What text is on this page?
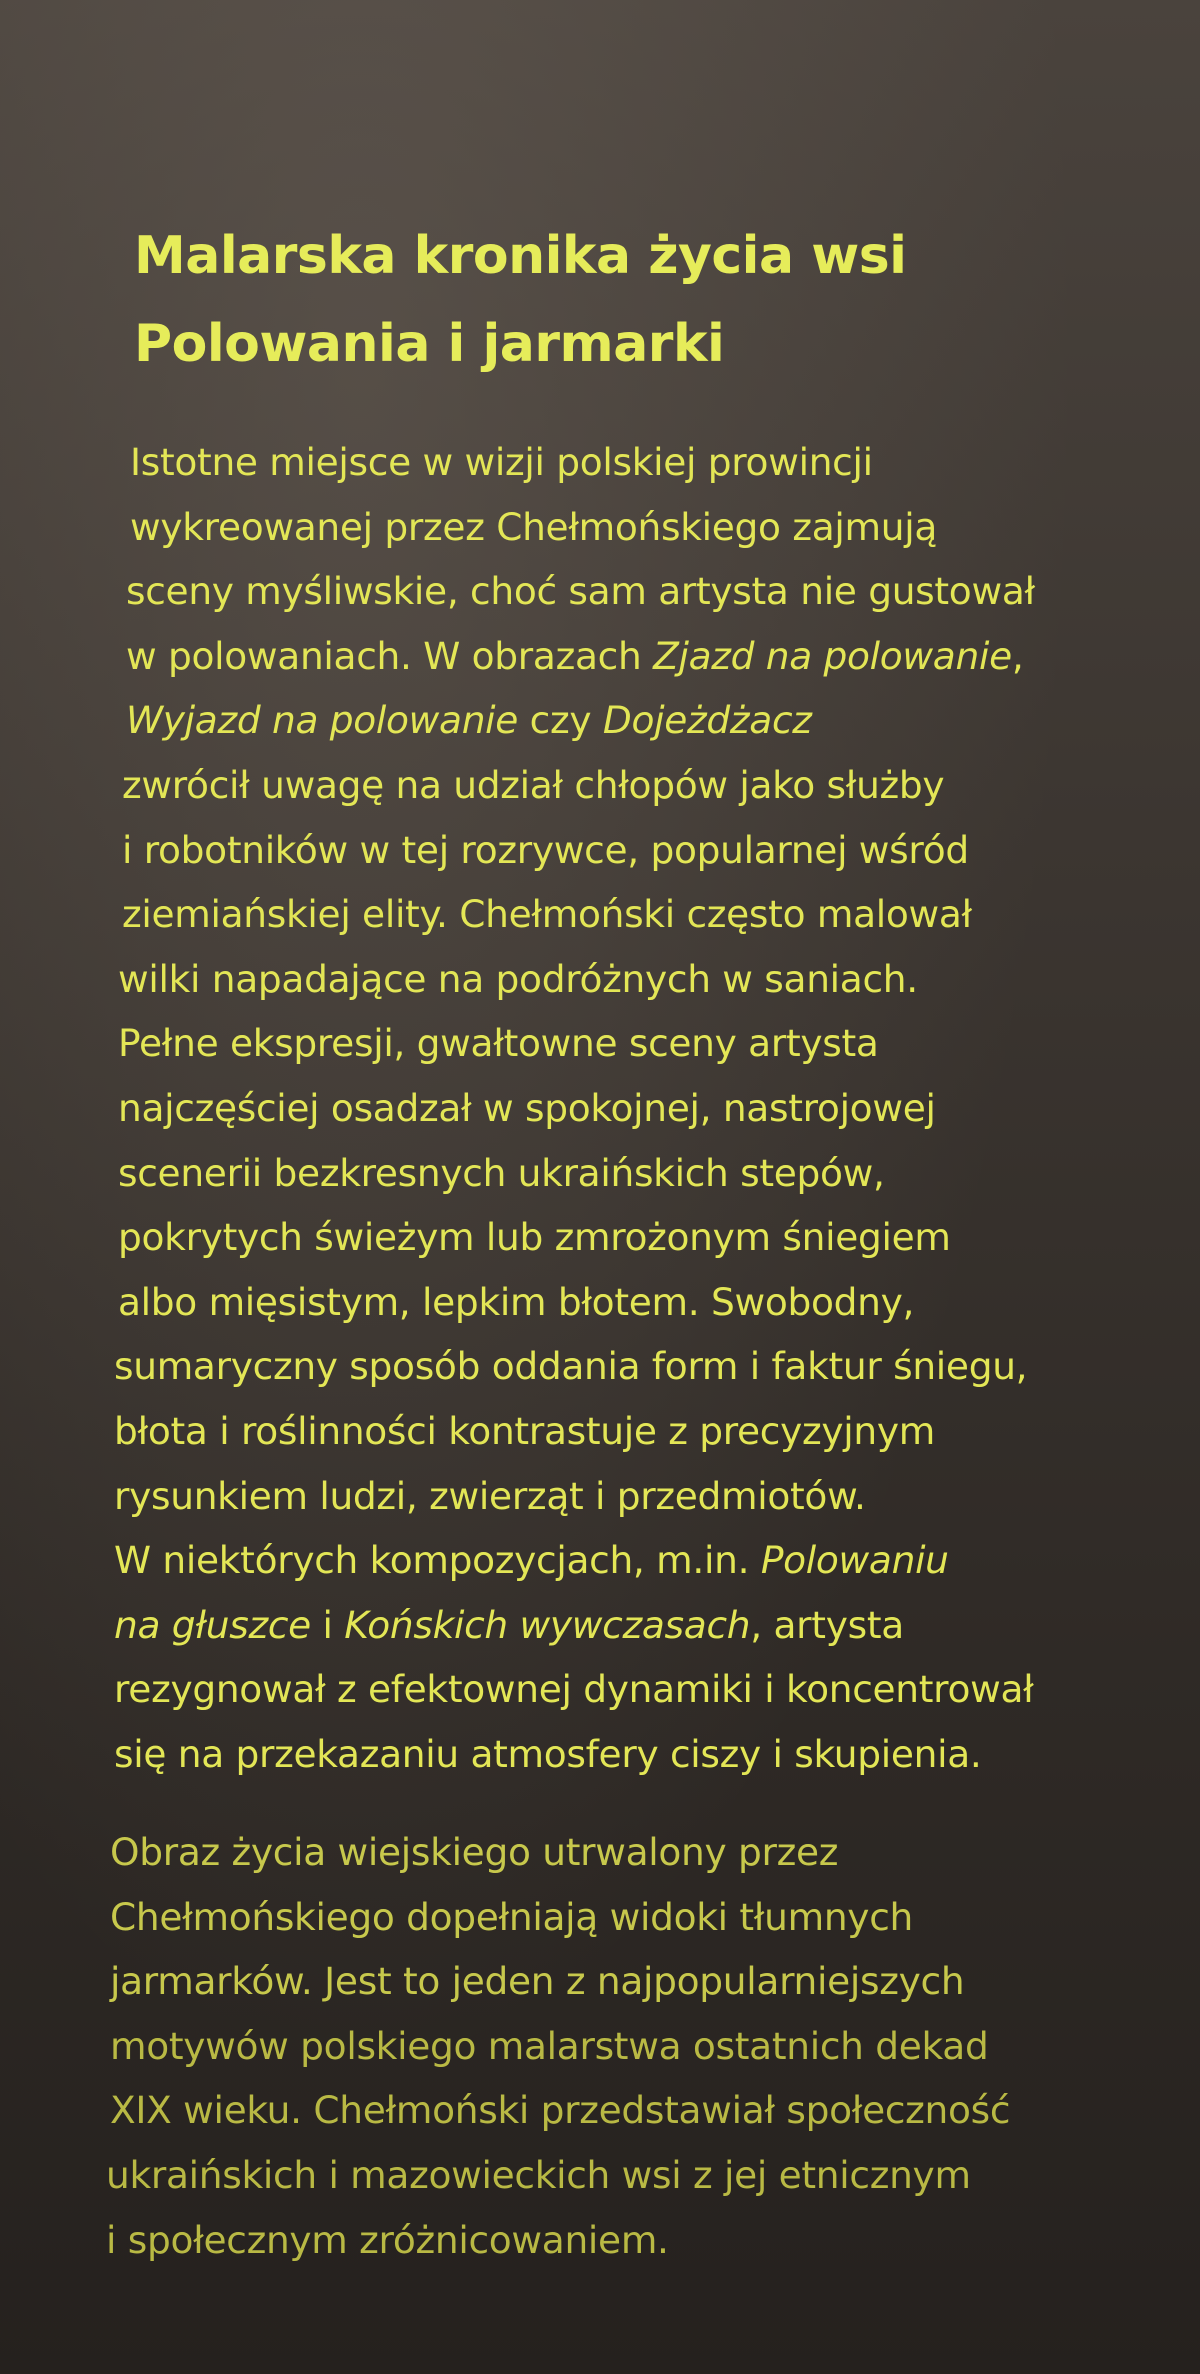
Malarska kronika życia wsi
Polowania i jarmarki

Istotne miejsce w wizji polskiej prowincji
wykreowanej przez Chełmońskiego zajmują
sceny myśliwskie, choć sam artysta nie gustował
w polowaniach. W obrazach Zjazd na polowanie,
Wyjazd na polowanie czy Dojeżdżacz
zwrócił uwagę na udział chłopów jako służby
i robotników w tej rozrywce, popularnej wśród
ziemiańskiej elity. Chełmoński często malował
wilki napadające na podróżnych w saniach.
Pełne ekspresji, gwałtowne sceny artysta
najczęściej osadzał w spokojnej, nastrojowej
scenerii bezkresnych ukraińskich stepów,
pokrytych świeżym lub zmrożonym śniegiem
albo mięsistym, lepkim błotem. Swobodny,
sumaryczny sposób oddania form i faktur śniegu,
błota i roślinności kontrastuje z precyzyjnym
rysunkiem ludzi, zwierząt i przedmiotów.
W niektórych kompozycjach, m.in. Polowaniu
na głuszce i Końskich wywczasach, artysta
rezygnował z efektownej dynamiki i koncentrował
się na przekazaniu atmosfery ciszy i skupienia.

Obraz życia wiejskiego utrwalony przez
Chełmońskiego dopełniają widoki tłumnych
jarmarków. Jest to jeden z najpopularniejszych
motywów polskiego malarstwa ostatnich dekad
XIX wieku. Chełmoński przedstawiał społeczność
ukraińskich i mazowieckich wsi z jej etnicznym
i społecznym zróżnicowaniem.
